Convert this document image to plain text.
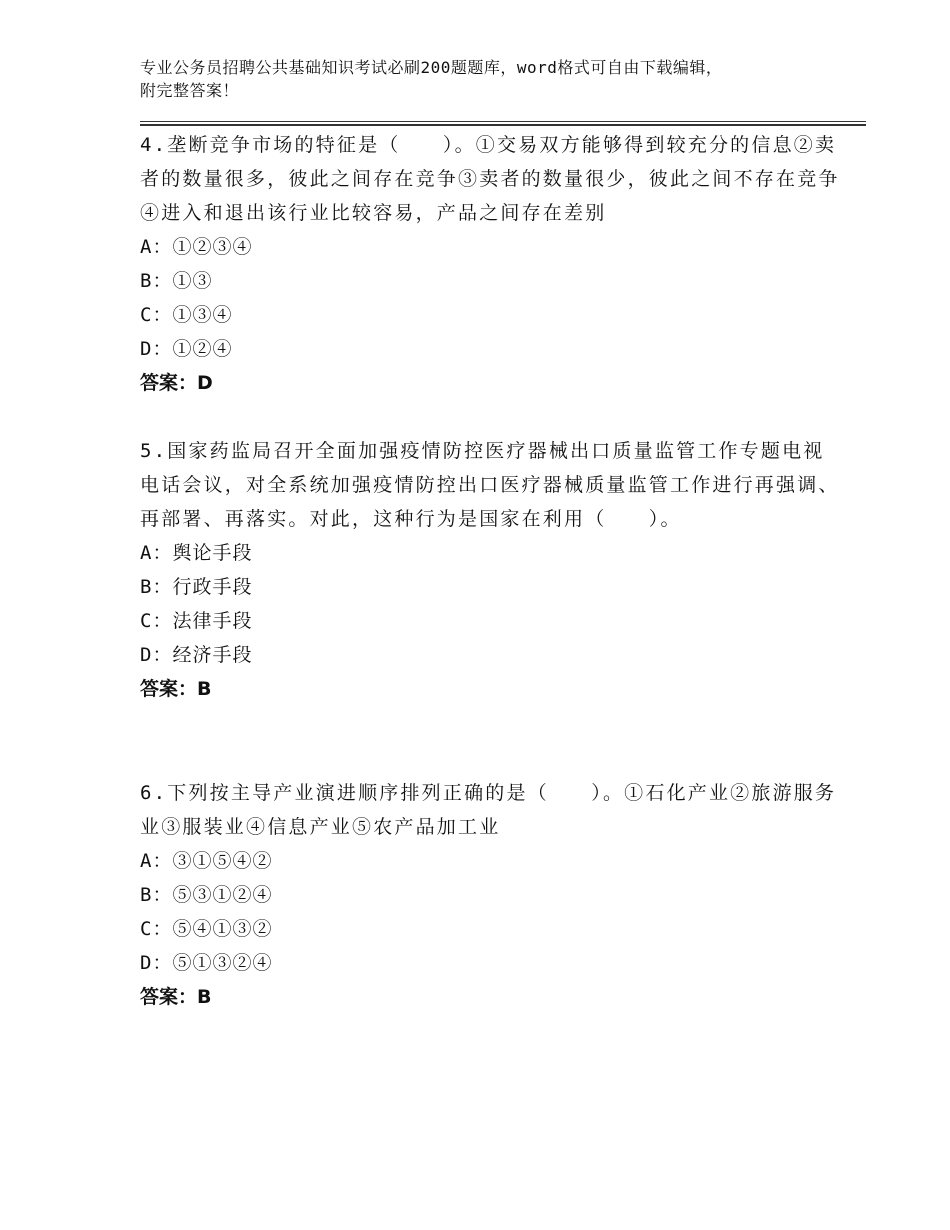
专业公务员招聘公共基础知识考试必刷200题题库，word格式可自由下载编辑，
附完整答案！
4.垄断竞争市场的特征是（　　）。①交易双方能够得到较充分的信息②卖者的数量很多，彼此之间存在竞争③卖者的数量很少，彼此之间不存在竞争④进入和退出该行业比较容易，产品之间存在差别
A：①②③④
B：①③
C：①③④
D：①②④
答案：D
5.国家药监局召开全面加强疫情防控医疗器械出口质量监管工作专题电视电话会议，对全系统加强疫情防控出口医疗器械质量监管工作进行再强调、再部署、再落实。对此，这种行为是国家在利用（　　）。
A：舆论手段
B：行政手段
C：法律手段
D：经济手段
答案：B
6.下列按主导产业演进顺序排列正确的是（　　）。①石化产业②旅游服务业③服装业④信息产业⑤农产品加工业
A：③①⑤④②
B：⑤③①②④
C：⑤④①③②
D：⑤①③②④
答案：B
